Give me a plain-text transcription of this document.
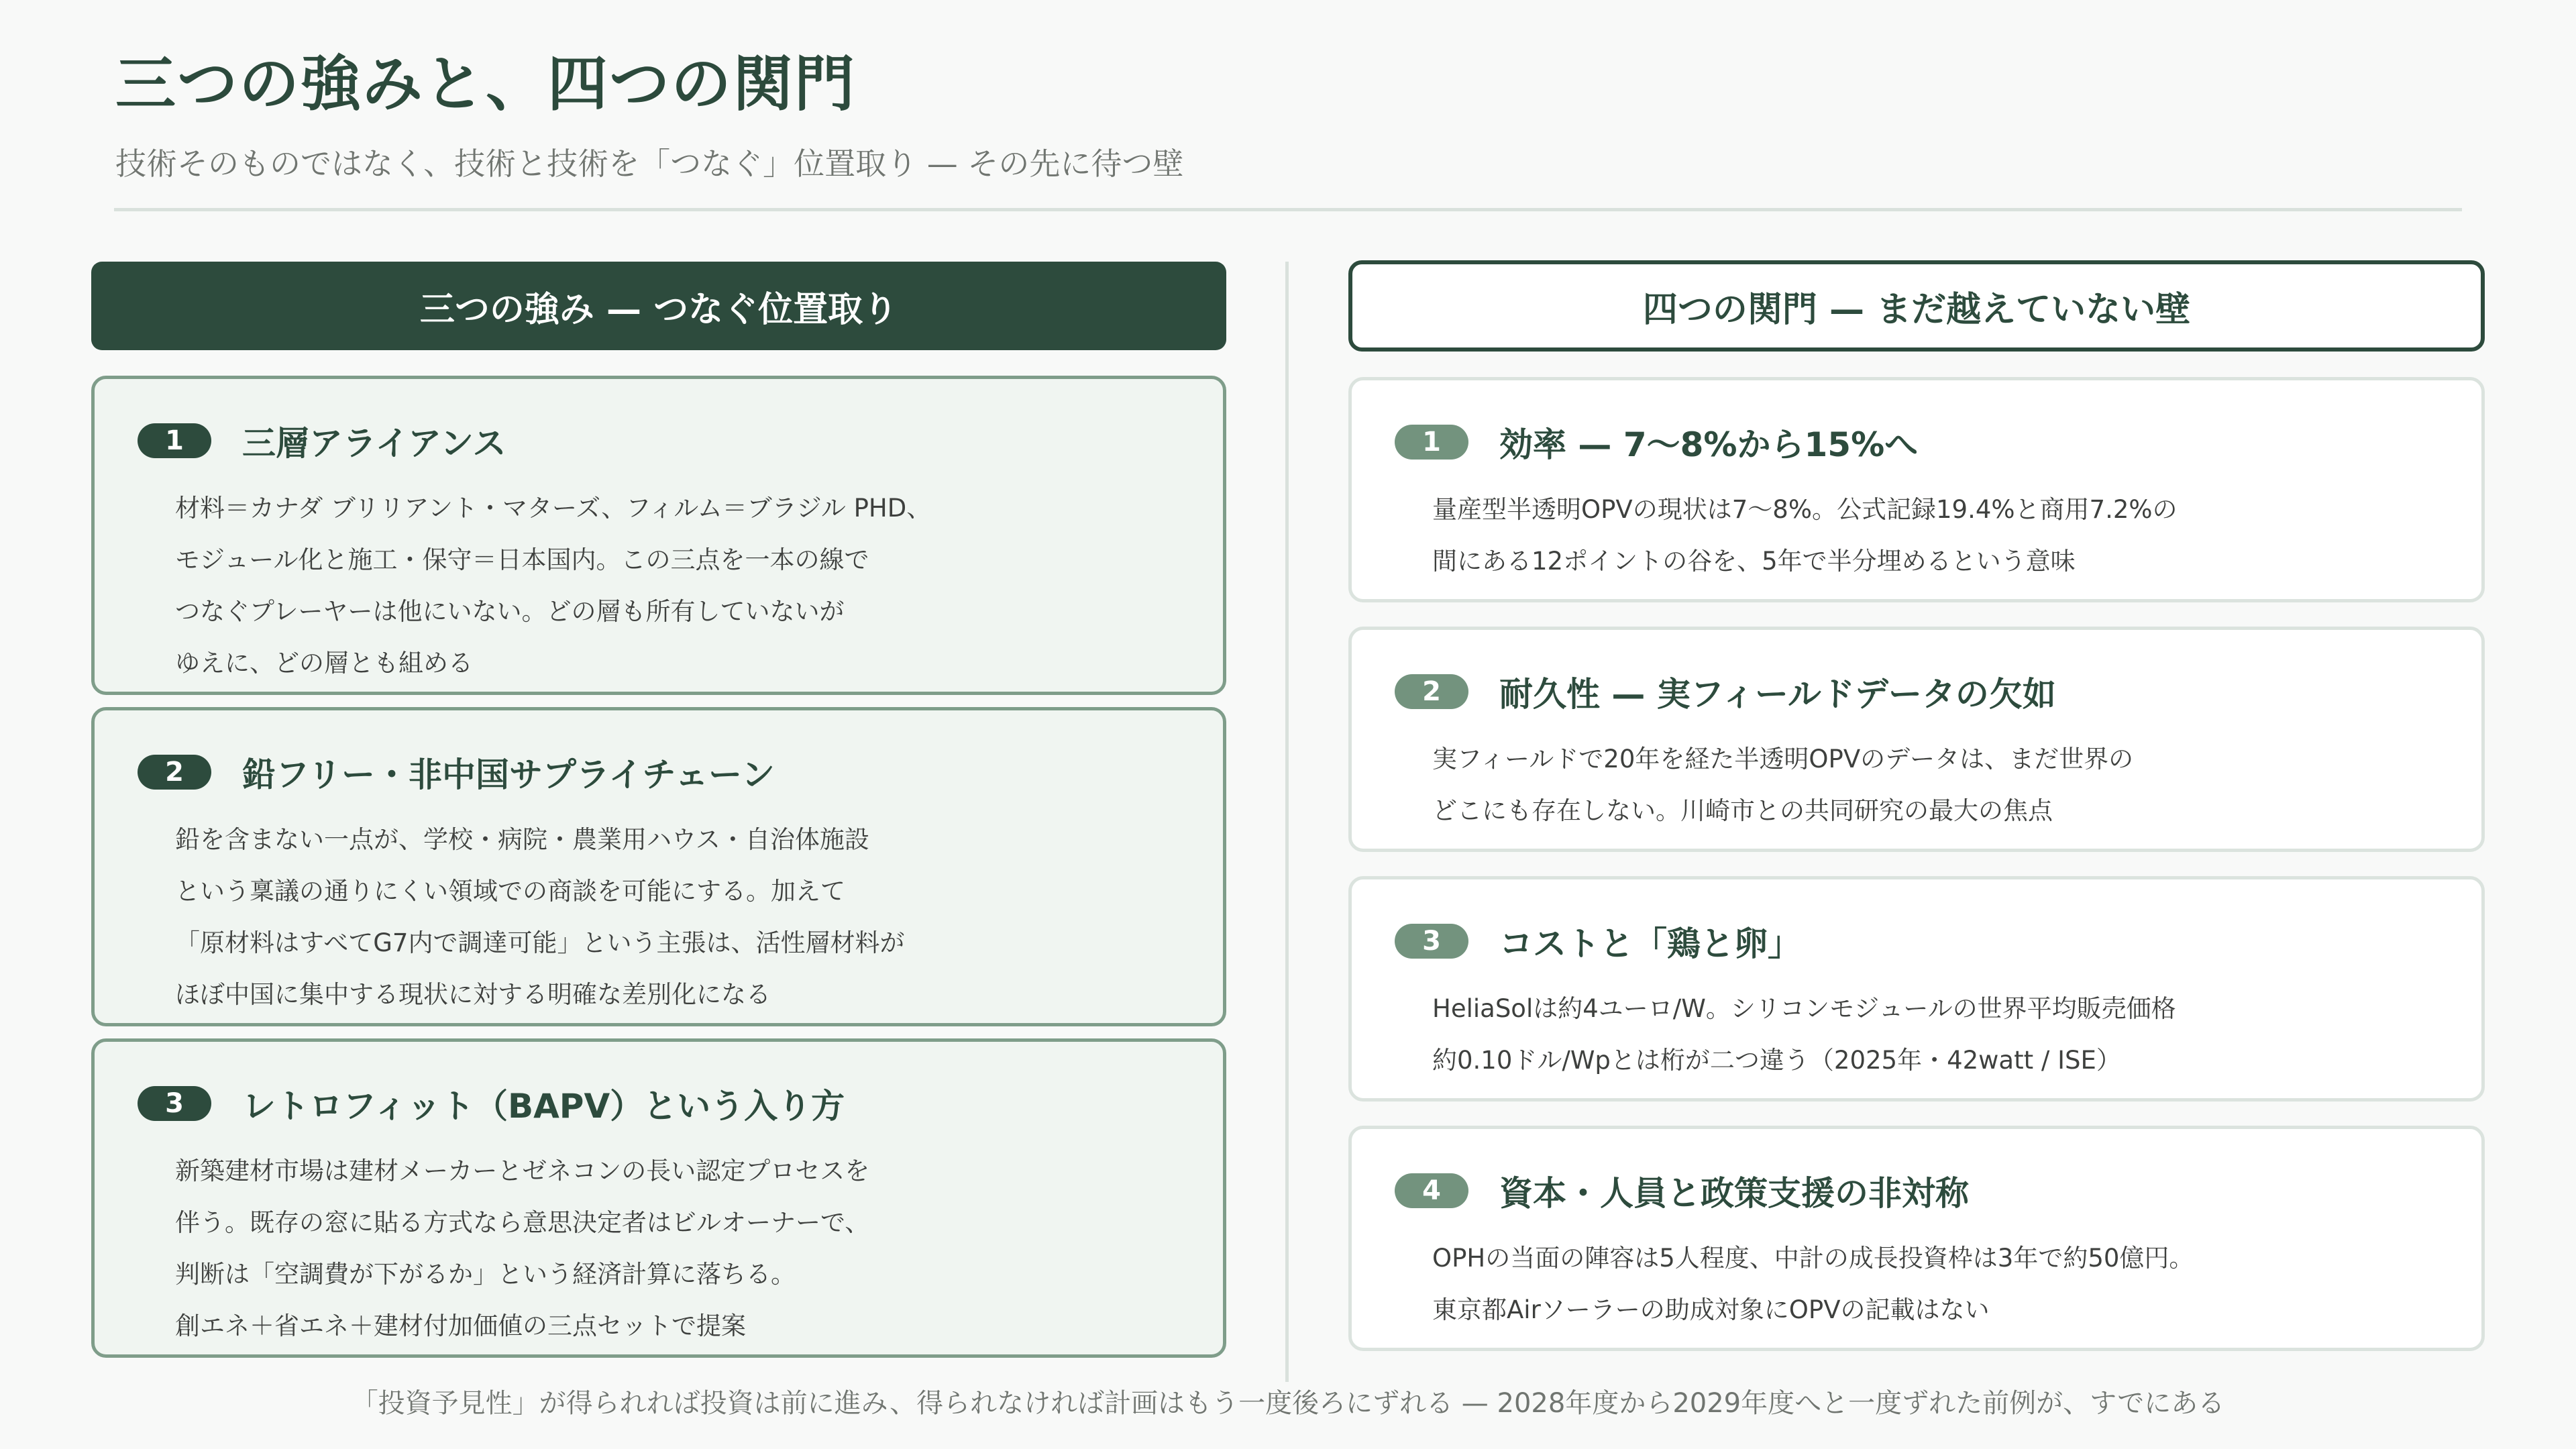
三つの強みと、四つの関門
技術そのものではなく、技術と技術を「つなぐ」位置取り — その先に待つ壁
三つの強み — つなぐ位置取り
1	三層アライアンス
材料＝カナダ ブリリアント・マターズ、フィルム＝ブラジル PHD、
モジュール化と施工・保守＝日本国内。この三点を一本の線で
つなぐプレーヤーは他にいない。どの層も所有していないが
ゆえに、どの層とも組める
2	鉛フリー・非中国サプライチェーン
鉛を含まない一点が、学校・病院・農業用ハウス・自治体施設
という稟議の通りにくい領域での商談を可能にする。加えて
「原材料はすべてG7内で調達可能」という主張は、活性層材料が
ほぼ中国に集中する現状に対する明確な差別化になる
3	レトロフィット（BAPV）という入り方
新築建材市場は建材メーカーとゼネコンの長い認定プロセスを
伴う。既存の窓に貼る方式なら意思決定者はビルオーナーで、
判断は「空調費が下がるか」という経済計算に落ちる。
創エネ＋省エネ＋建材付加価値の三点セットで提案
四つの関門 — まだ越えていない壁
1	効率 — 7〜8%から15%へ
量産型半透明OPVの現状は7〜8%。公式記録19.4%と商用7.2%の
間にある12ポイントの谷を、5年で半分埋めるという意味
2	耐久性 — 実フィールドデータの欠如
実フィールドで20年を経た半透明OPVのデータは、まだ世界の
どこにも存在しない。川崎市との共同研究の最大の焦点
3	コストと「鶏と卵」
HeliaSolは約4ユーロ/W。シリコンモジュールの世界平均販売価格
約0.10ドル/Wpとは桁が二つ違う（2025年・42watt / ISE）
4	資本・人員と政策支援の非対称
OPHの当面の陣容は5人程度、中計の成長投資枠は3年で約50億円。
東京都Airソーラーの助成対象にOPVの記載はない
「投資予見性」が得られれば投資は前に進み、得られなければ計画はもう一度後ろにずれる — 2028年度から2029年度へと一度ずれた前例が、すでにある
